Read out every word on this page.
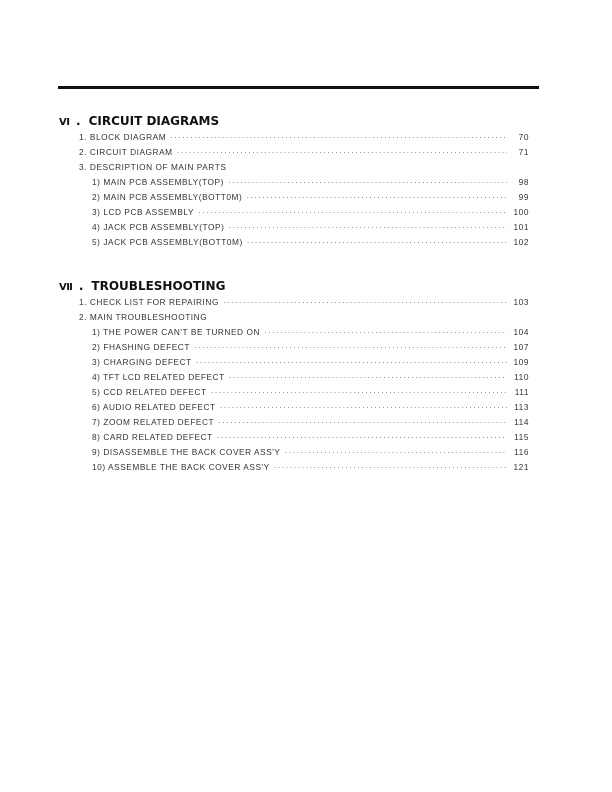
Ⅵ . CIRCUIT DIAGRAMS
1. BLOCK DIAGRAM ·····	70
2. CIRCUIT DIAGRAM ·····	71
3. DESCRIPTION OF MAIN PARTS
1) MAIN PCB ASSEMBLY(TOP) ·····	98
2) MAIN PCB ASSEMBLY(BOTT0M) ·····	99
3) LCD PCB ASSEMBLY ·····	100
4) JACK PCB ASSEMBLY(TOP) ·····	101
5) JACK PCB ASSEMBLY(BOTT0M) ·····	102
Ⅶ . TROUBLESHOOTING
1. CHECK LIST FOR REPAIRING ·····	103
2. MAIN TROUBLESHOOTING
1) THE POWER CAN'T BE TURNED ON ·····	104
2) FHASHING DEFECT ·····	107
3) CHARGING DEFECT ·····	109
4) TFT LCD RELATED DEFECT ·····	110
5) CCD RELATED DEFECT ·····	111
6) AUDIO RELATED DEFECT ·····	113
7) ZOOM RELATED DEFECT ·····	114
8) CARD RELATED DEFECT ·····	115
9) DISASSEMBLE THE BACK COVER ASS'Y ·····	116
10) ASSEMBLE THE BACK COVER ASS'Y ·····	121
